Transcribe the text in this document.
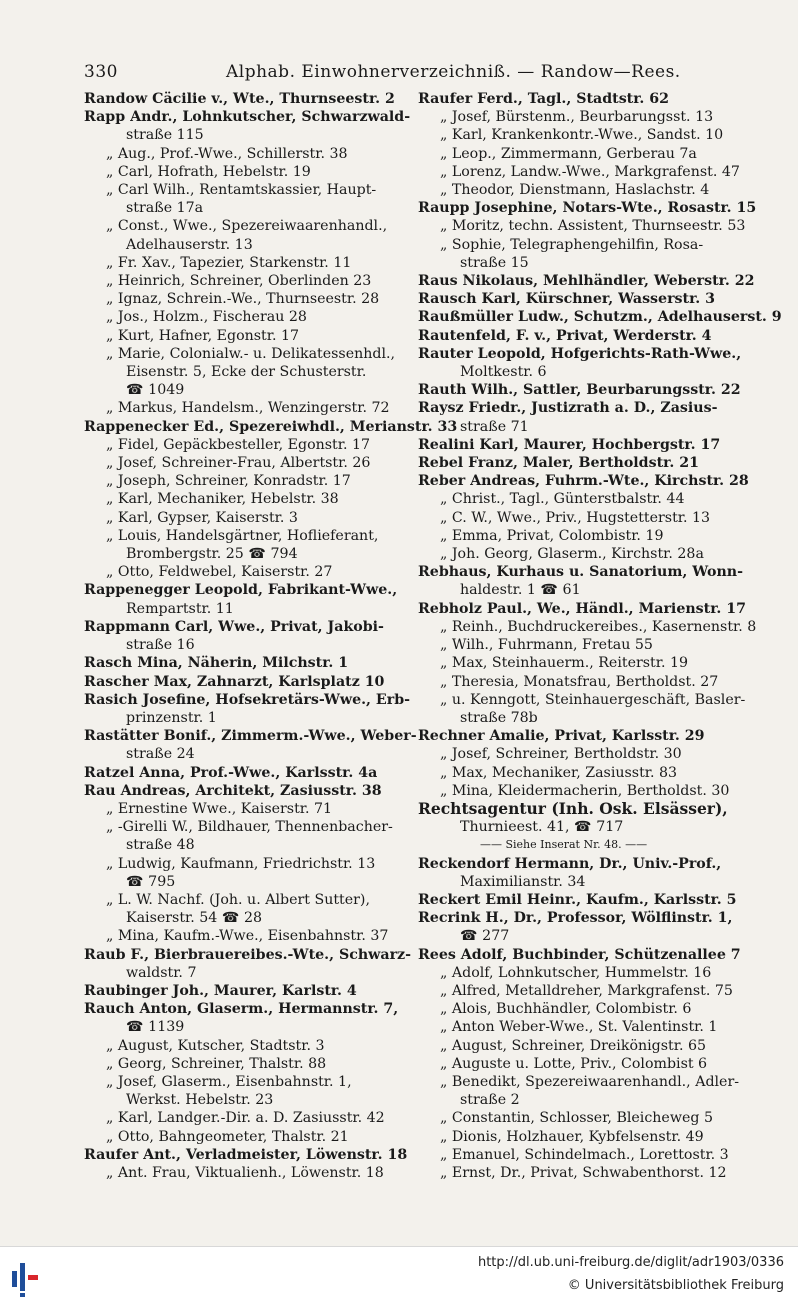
330	Alphab. Einwohnerverzeichniß. — Randow—Rees.
Randow Cäcilie v., Wte., Thurnseestr. 2
Rapp Andr., Lohnkutscher, Schwarzwald-
straße 115
„ Aug., Prof.-Wwe., Schillerstr. 38
„ Carl, Hofrath, Hebelstr. 19
„ Carl Wilh., Rentamtskassier, Haupt-
straße 17a
„ Const., Wwe., Spezereiwaarenhandl.,
Adelhauserstr. 13
„ Fr. Xav., Tapezier, Starkenstr. 11
„ Heinrich, Schreiner, Oberlinden 23
„ Ignaz, Schrein.-We., Thurnseestr. 28
„ Jos., Holzm., Fischerau 28
„ Kurt, Hafner, Egonstr. 17
„ Marie, Colonialw.- u. Delikatessenhdl.,
Eisenstr. 5, Ecke der Schusterstr.
☎ 1049
„ Markus, Handelsm., Wenzingerstr. 72
Rappenecker Ed., Spezereiwhdl., Merianstr. 33
„ Fidel, Gepäckbesteller, Egonstr. 17
„ Josef, Schreiner-Frau, Albertstr. 26
„ Joseph, Schreiner, Konradstr. 17
„ Karl, Mechaniker, Hebelstr. 38
„ Karl, Gypser, Kaiserstr. 3
„ Louis, Handelsgärtner, Hoflieferant,
Brombergstr. 25 ☎ 794
„ Otto, Feldwebel, Kaiserstr. 27
Rappenegger Leopold, Fabrikant-Wwe.,
Rempartstr. 11
Rappmann Carl, Wwe., Privat, Jakobi-
straße 16
Rasch Mina, Näherin, Milchstr. 1
Rascher Max, Zahnarzt, Karlsplatz 10
Rasich Josefine, Hofsekretärs-Wwe., Erb-
prinzenstr. 1
Rastätter Bonif., Zimmerm.-Wwe., Weber-
straße 24
Ratzel Anna, Prof.-Wwe., Karlsstr. 4a
Rau Andreas, Architekt, Zasiusstr. 38
„ Ernestine Wwe., Kaiserstr. 71
„ -Girelli W., Bildhauer, Thennenbacher-
straße 48
„ Ludwig, Kaufmann, Friedrichstr. 13
☎ 795
„ L. W. Nachf. (Joh. u. Albert Sutter),
Kaiserstr. 54 ☎ 28
„ Mina, Kaufm.-Wwe., Eisenbahnstr. 37
Raub F., Bierbrauereibes.-Wte., Schwarz-
waldstr. 7
Raubinger Joh., Maurer, Karlstr. 4
Rauch Anton, Glaserm., Hermannstr. 7,
☎ 1139
„ August, Kutscher, Stadtstr. 3
„ Georg, Schreiner, Thalstr. 88
„ Josef, Glaserm., Eisenbahnstr. 1,
Werkst. Hebelstr. 23
„ Karl, Landger.-Dir. a. D. Zasiusstr. 42
„ Otto, Bahngeometer, Thalstr. 21
Raufer Ant., Verladmeister, Löwenstr. 18
„ Ant. Frau, Viktualienh., Löwenstr. 18
Raufer Ferd., Tagl., Stadtstr. 62
„ Josef, Bürstenm., Beurbarungsst. 13
„ Karl, Krankenkontr.-Wwe., Sandst. 10
„ Leop., Zimmermann, Gerberau 7a
„ Lorenz, Landw.-Wwe., Markgrafenst. 47
„ Theodor, Dienstmann, Haslachstr. 4
Raupp Josephine, Notars-Wte., Rosastr. 15
„ Moritz, techn. Assistent, Thurnseestr. 53
„ Sophie, Telegraphengehilfin, Rosa-
straße 15
Raus Nikolaus, Mehlhändler, Weberstr. 22
Rausch Karl, Kürschner, Wasserstr. 3
Raußmüller Ludw., Schutzm., Adelhauserst. 9
Rautenfeld, F. v., Privat, Werderstr. 4
Rauter Leopold, Hofgerichts-Rath-Wwe.,
Moltkestr. 6
Rauth Wilh., Sattler, Beurbarungsstr. 22
Raysz Friedr., Justizrath a. D., Zasius-
straße 71
Realini Karl, Maurer, Hochbergstr. 17
Rebel Franz, Maler, Bertholdstr. 21
Reber Andreas, Fuhrm.-Wte., Kirchstr. 28
„ Christ., Tagl., Günterstbalstr. 44
„ C. W., Wwe., Priv., Hugstetterstr. 13
„ Emma, Privat, Colombistr. 19
„ Joh. Georg, Glaserm., Kirchstr. 28a
Rebhaus, Kurhaus u. Sanatorium, Wonn-
haldestr. 1 ☎ 61
Rebholz Paul., We., Händl., Marienstr. 17
„ Reinh., Buchdruckereibes., Kasernenstr. 8
„ Wilh., Fuhrmann, Fretau 55
„ Max, Steinhauerm., Reiterstr. 19
„ Theresia, Monatsfrau, Bertholdst. 27
„ u. Kenngott, Steinhauergeschäft, Basler-
straße 78b
Rechner Amalie, Privat, Karlsstr. 29
„ Josef, Schreiner, Bertholdstr. 30
„ Max, Mechaniker, Zasiusstr. 83
„ Mina, Kleidermacherin, Bertholdst. 30
Rechtsagentur (Inh. Osk. Elsässer),
Thurnieest. 41, ☎ 717
—— Siehe Inserat Nr. 48. ——
Reckendorf Hermann, Dr., Univ.-Prof.,
Maximilianstr. 34
Reckert Emil Heinr., Kaufm., Karlsstr. 5
Recrink H., Dr., Professor, Wölflinstr. 1,
☎ 277
Rees Adolf, Buchbinder, Schützenallee 7
„ Adolf, Lohnkutscher, Hummelstr. 16
„ Alfred, Metalldreher, Markgrafenst. 75
„ Alois, Buchhändler, Colombistr. 6
„ Anton Weber-Wwe., St. Valentinstr. 1
„ August, Schreiner, Dreikönigstr. 65
„ Auguste u. Lotte, Priv., Colombist 6
„ Benedikt, Spezereiwaarenhandl., Adler-
straße 2
„ Constantin, Schlosser, Bleicheweg 5
„ Dionis, Holzhauer, Kybfelsenstr. 49
„ Emanuel, Schindelmach., Lorettostr. 3
„ Ernst, Dr., Privat, Schwabenthorst. 12
http://dl.ub.uni-freiburg.de/diglit/adr1903/0336
© Universitätsbibliothek Freiburg
